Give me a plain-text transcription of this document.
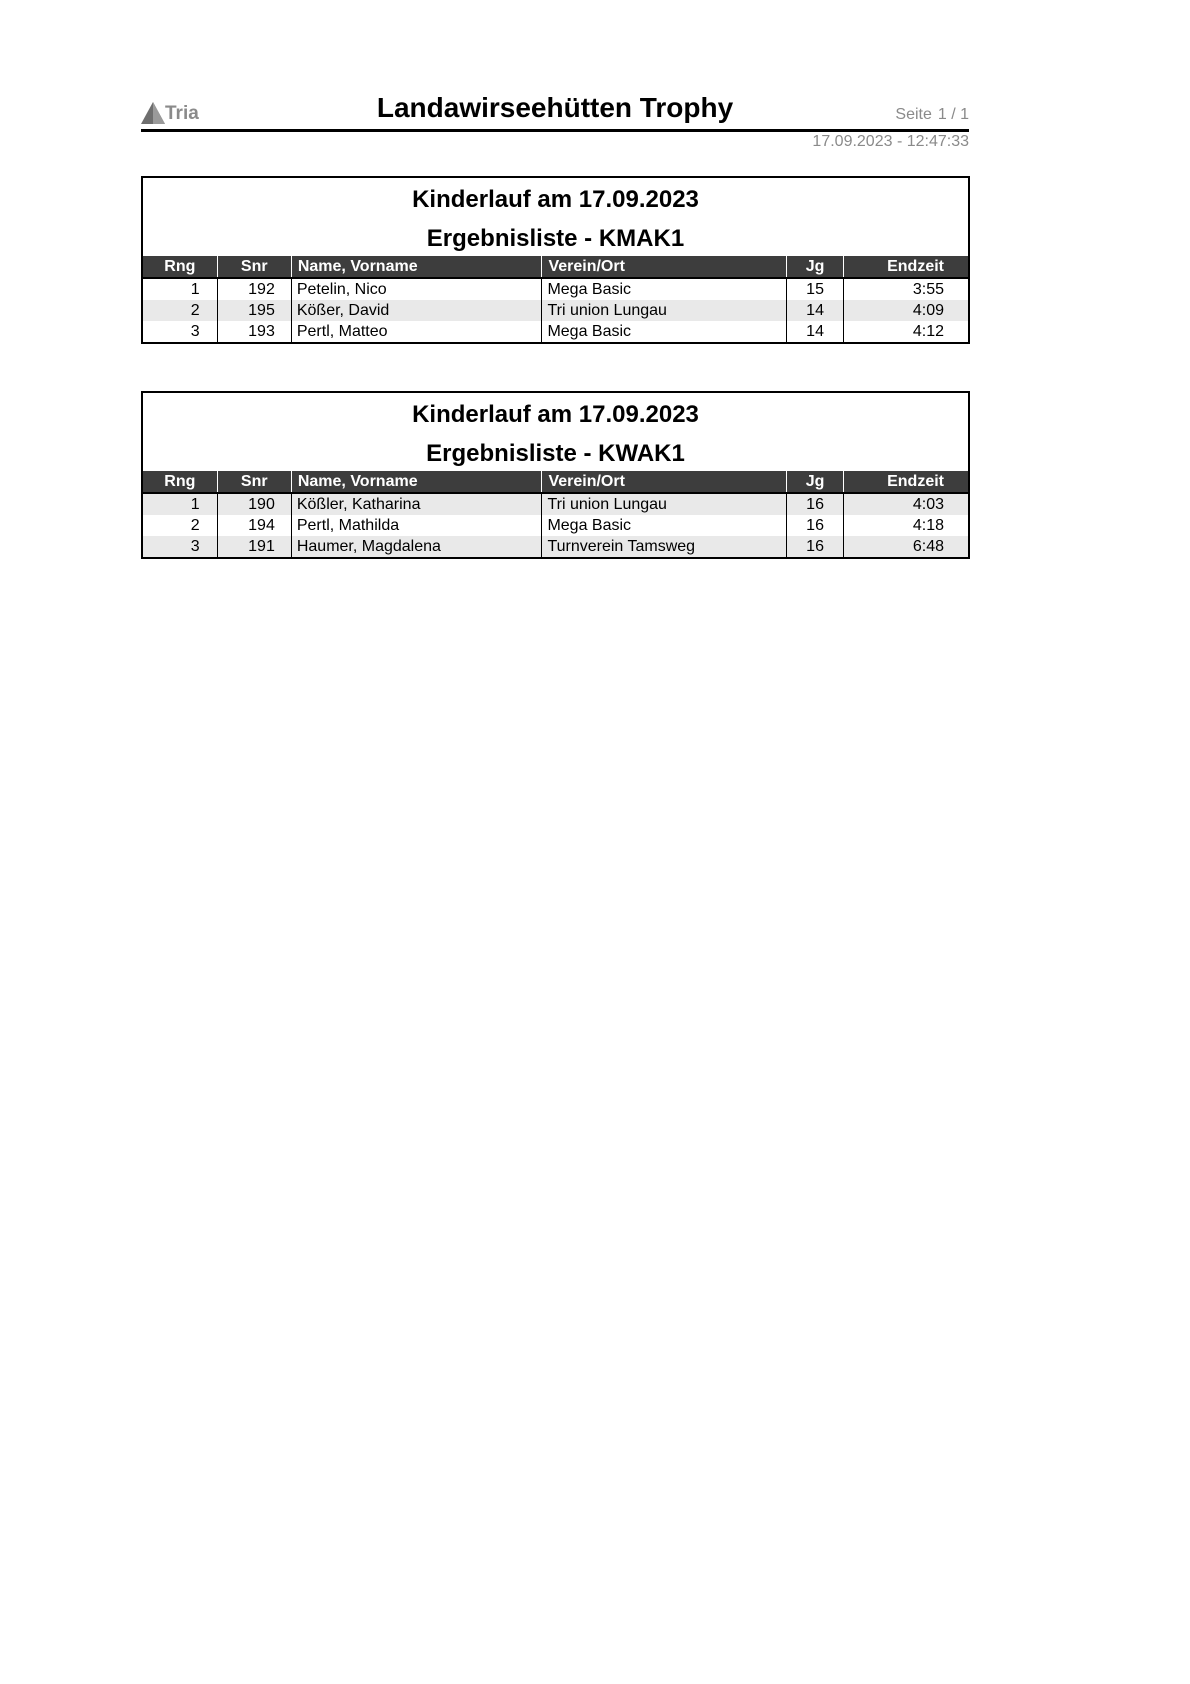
Tria	Landawirseehütten Trophy	Seite 1 / 1
17.09.2023 - 12:47:33
Kinderlauf am 17.09.2023
Ergebnisliste - KMAK1
Rng	Snr	Name, Vorname	Verein/Ort	Jg	Endzeit
1	192	Petelin, Nico	Mega Basic	15	3:55
2	195	Kößer, David	Tri union Lungau	14	4:09
3	193	Pertl, Matteo	Mega Basic	14	4:12
Kinderlauf am 17.09.2023
Ergebnisliste - KWAK1
Rng	Snr	Name, Vorname	Verein/Ort	Jg	Endzeit
1	190	Kößler, Katharina	Tri union Lungau	16	4:03
2	194	Pertl, Mathilda	Mega Basic	16	4:18
3	191	Haumer, Magdalena	Turnverein Tamsweg	16	6:48
